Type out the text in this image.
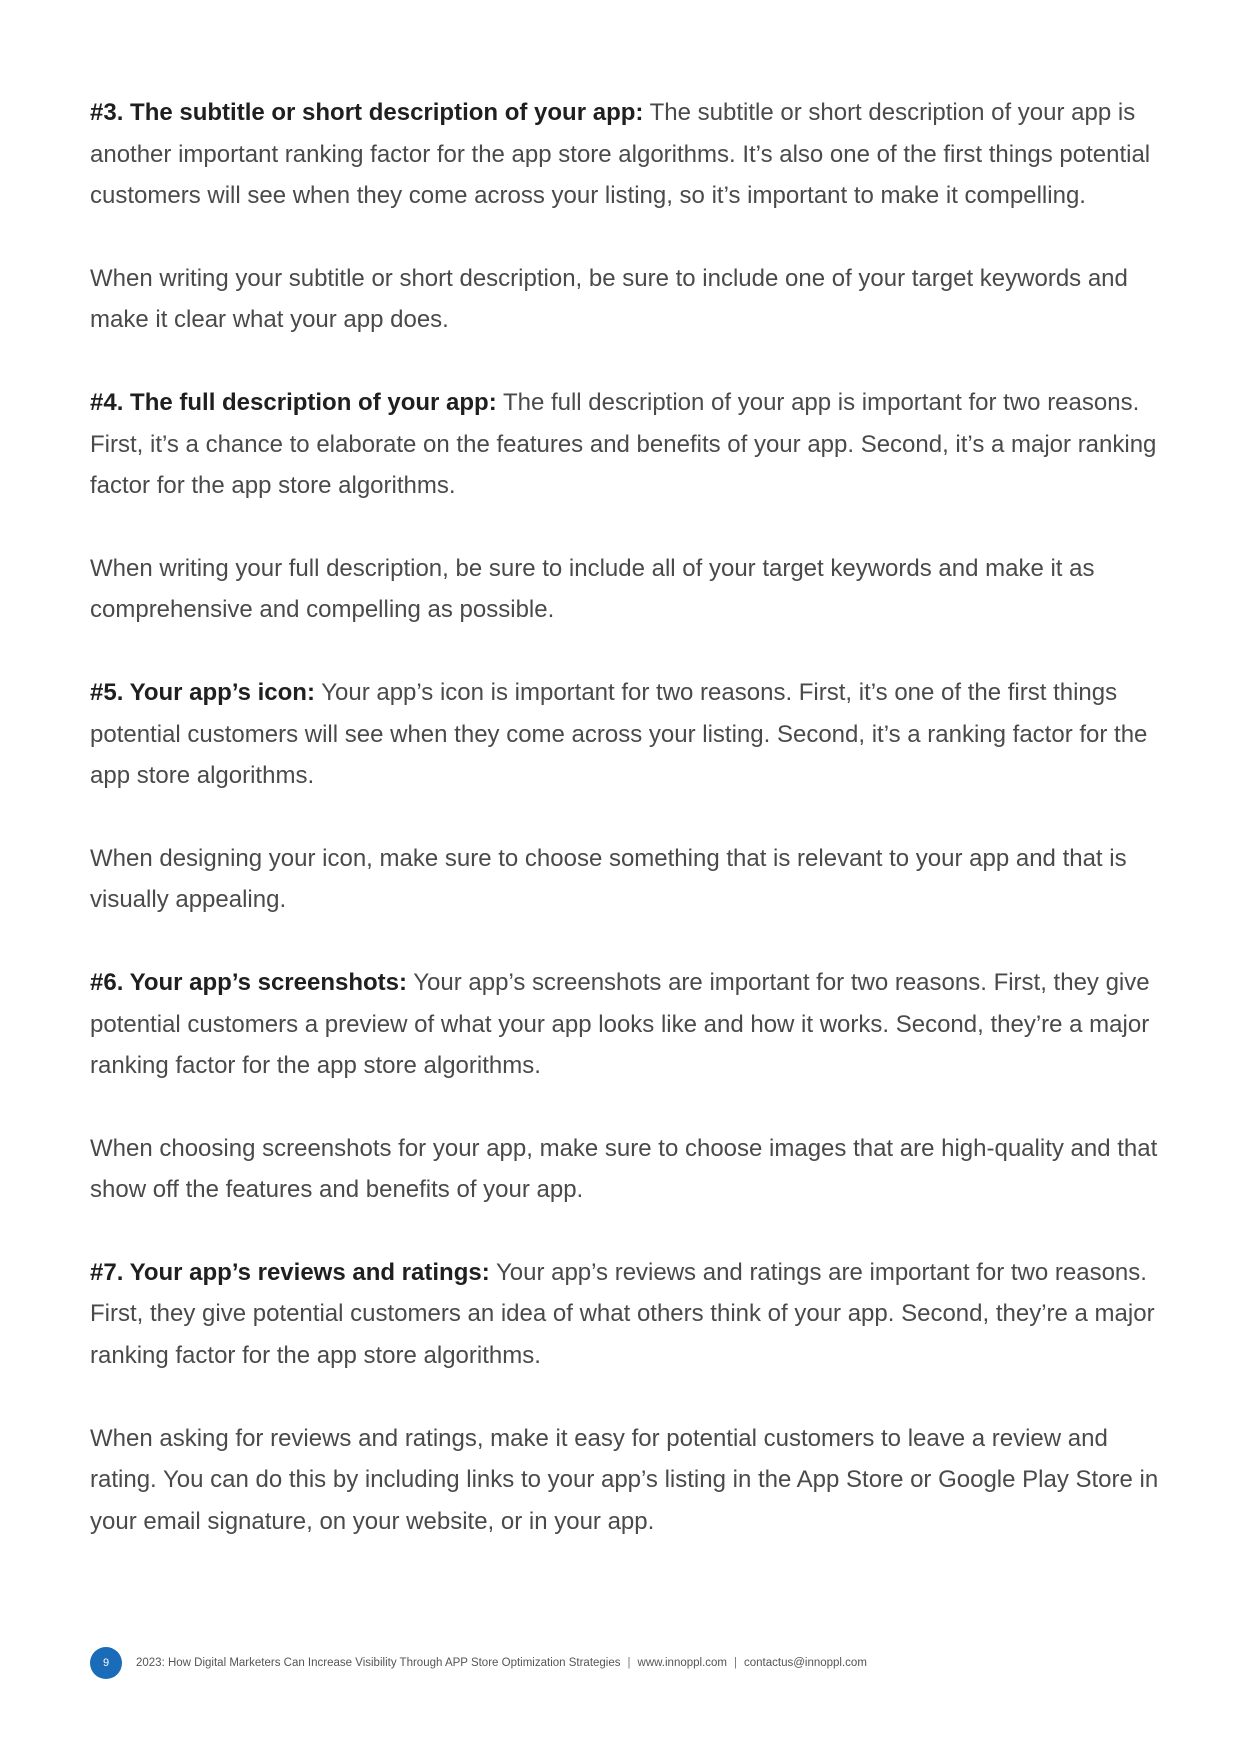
#3. The subtitle or short description of your app: The subtitle or short description of your app is another important ranking factor for the app store algorithms. It’s also one of the first things potential customers will see when they come across your listing, so it’s important to make it compelling.

When writing your subtitle or short description, be sure to include one of your target keywords and make it clear what your app does.

#4. The full description of your app: The full description of your app is important for two reasons. First, it’s a chance to elaborate on the features and benefits of your app. Second, it’s a major ranking factor for the app store algorithms.

When writing your full description, be sure to include all of your target keywords and make it as comprehensive and compelling as possible.

#5. Your app’s icon: Your app’s icon is important for two reasons. First, it’s one of the first things potential customers will see when they come across your listing. Second, it’s a ranking factor for the app store algorithms.

When designing your icon, make sure to choose something that is relevant to your app and that is visually appealing.

#6. Your app’s screenshots: Your app’s screenshots are important for two reasons. First, they give potential customers a preview of what your app looks like and how it works. Second, they’re a major ranking factor for the app store algorithms.

When choosing screenshots for your app, make sure to choose images that are high-quality and that show off the features and benefits of your app.

#7. Your app’s reviews and ratings: Your app’s reviews and ratings are important for two reasons. First, they give potential customers an idea of what others think of your app. Second, they’re a major ranking factor for the app store algorithms.

When asking for reviews and ratings, make it easy for potential customers to leave a review and rating. You can do this by including links to your app’s listing in the App Store or Google Play Store in your email signature, on your website, or in your app.

9	2023: How Digital Marketers Can Increase Visibility Through APP Store Optimization Strategies | www.innoppl.com | contactus@innoppl.com
